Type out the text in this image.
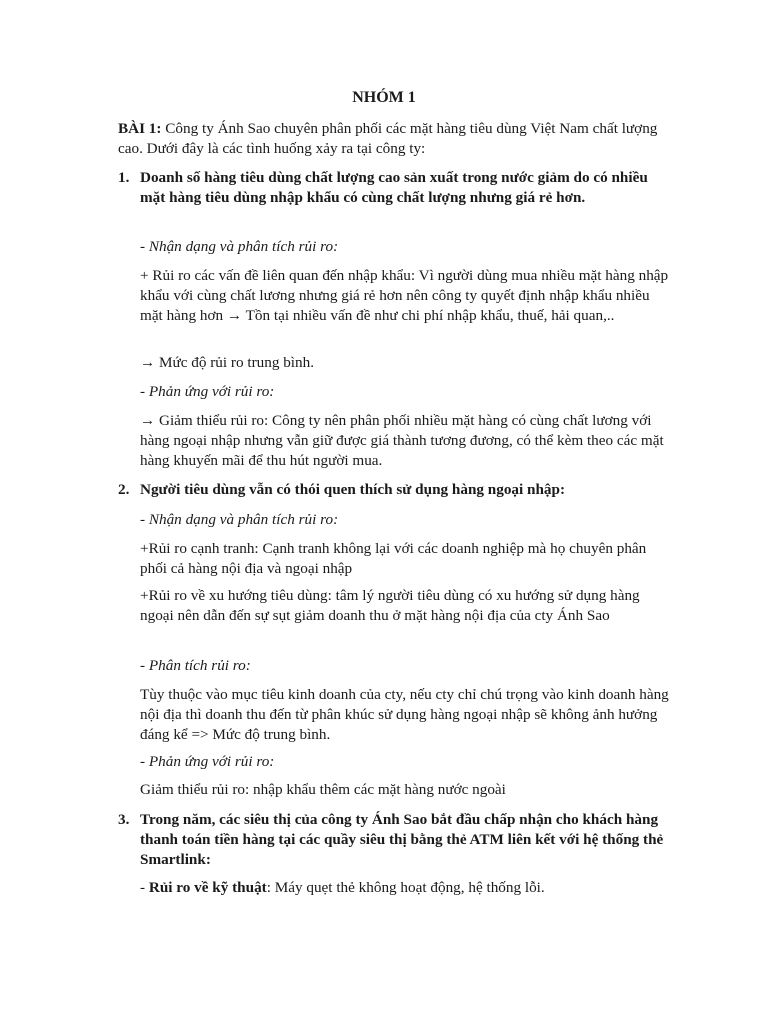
NHÓM 1
BÀI 1: Công ty Ánh Sao chuyên phân phối các mặt hàng tiêu dùng Việt Nam chất lượng cao. Dưới đây là các tình huống xảy ra tại công ty:
1. Doanh số hàng tiêu dùng chất lượng cao sản xuất trong nước giảm do có nhiều mặt hàng tiêu dùng nhập khẩu có cùng chất lượng nhưng giá rẻ hơn.
- Nhận dạng và phân tích rủi ro:
+ Rủi ro các vấn đề liên quan đến nhập khẩu: Vì người dùng mua nhiều mặt hàng nhập khẩu với cùng chất lương nhưng giá rẻ hơn nên công ty quyết định nhập khẩu nhiều mặt hàng hơn → Tồn tại nhiều vấn đề như chi phí nhập khẩu, thuế, hải quan,..
→ Mức độ rủi ro trung bình.
- Phản ứng với rủi ro:
→ Giảm thiểu rủi ro: Công ty nên phân phối nhiều mặt hàng có cùng chất lương với hàng ngoại nhập nhưng vẫn giữ được giá thành tương đương, có thể kèm theo các mặt hàng khuyến mãi để thu hút người mua.
2. Người tiêu dùng vẫn có thói quen thích sử dụng hàng ngoại nhập:
- Nhận dạng và phân tích rủi ro:
+Rủi ro cạnh tranh: Cạnh tranh không lại với các doanh nghiệp mà họ chuyên phân phối cả hàng nội địa và ngoại nhập
+Rủi ro về xu hướng tiêu dùng: tâm lý người tiêu dùng có xu hướng sử dụng hàng ngoại nên dẫn đến sự sụt giảm doanh thu ở mặt hàng nội địa của cty Ánh Sao
- Phân tích rủi ro:
Tùy thuộc vào mục tiêu kinh doanh của cty, nếu cty chỉ chú trọng vào kinh doanh hàng nội địa thì doanh thu đến từ phân khúc sử dụng hàng ngoại nhập sẽ không ảnh hưởng đáng kể => Mức độ trung bình.
- Phản ứng với rủi ro:
Giảm thiểu rủi ro: nhập khẩu thêm các mặt hàng nước ngoài
3. Trong năm, các siêu thị của công ty Ánh Sao bắt đầu chấp nhận cho khách hàng thanh toán tiền hàng tại các quầy siêu thị bằng thẻ ATM liên kết với hệ thống thẻ Smartlink:
- Rủi ro về kỹ thuật: Máy quẹt thẻ không hoạt động, hệ thống lỗi.
